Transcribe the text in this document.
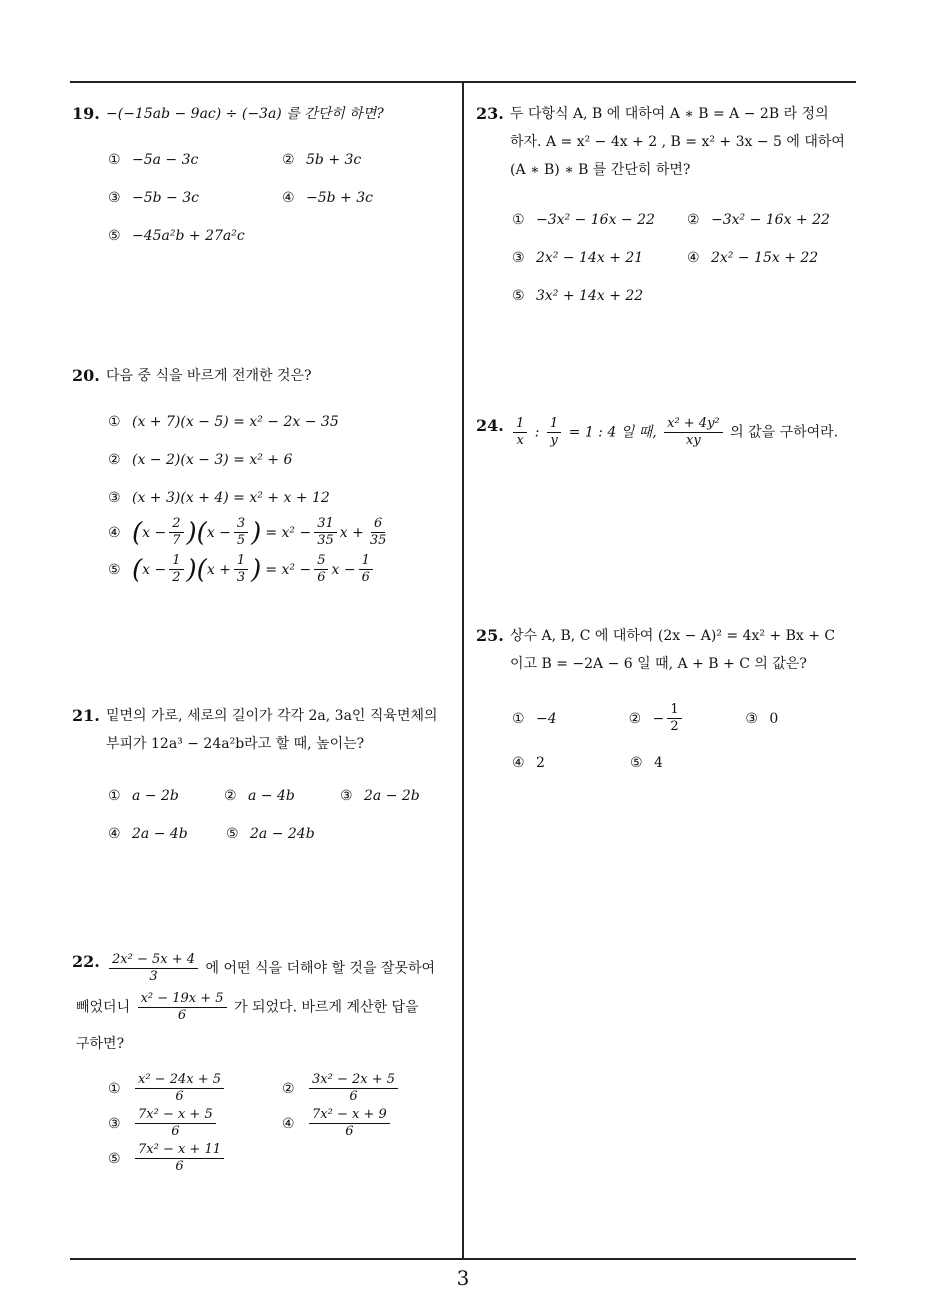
19. −(−15ab − 9ac) ÷ (−3a) 를 간단히 하면?
① −5a − 3c	② 5b + 3c
③ −5b − 3c	④ −5b + 3c
⑤ −45a²b + 27a²c
20. 다음 중 식을 바르게 전개한 것은?
① (x + 7)(x − 5) = x² − 2x − 35
② (x − 2)(x − 3) = x² + 6
③ (x + 3)(x + 4) = x² + x + 12
④ ( $x - \frac{2}{7}$ )( $x - \frac{3}{5}$ ) = $x^2 - \frac{31}{35}$ $x + \frac{6}{35}$
⑤ ( $x - \frac{1}{2}$ )( $x + \frac{1}{3}$ ) = $x^2 - \frac{5}{6}$ $x - \frac{1}{6}$
21. 밑면의 가로, 세로의 길이가 각각 2a, 3a인 직육면체의
부피가 12a³ − 24a²b라고 할 때, 높이는?
① a − 2b	② a − 4b	③ 2a − 2b
④ 2a − 4b	⑤ 2a − 24b
22. $\frac{\text{2x² − 5x + 4}}{3}$ 에 어떤 식을 더해야 할 것을 잘못하여
빼었더니 $\frac{\text{x² − 19x + 5}}{6}$ 가 되었다. 바르게 계산한 답을
구하면?
①	$\frac{\text{x² − 24x + 5}}{6}$	②	$\frac{\text{3x² − 2x + 5}}{6}$
③	$\frac{\text{7x² − x + 5}}{6}$	④	$\frac{\text{7x² − x + 9}}{6}$
⑤	$\frac{\text{7x² − x + 11}}{6}$
23. 두 다항식 A, B 에 대하여 A ∗ B = A − 2B 라 정의
하자. A = x² − 4x + 2 , B = x² + 3x − 5 에 대하여
(A ∗ B) ∗ B 를 간단히 하면?
① −3x² − 16x − 22 ② −3x² − 16x + 22
③ 2x² − 14x + 21	④ 2x² − 15x + 22
⑤ 3x² + 14x + 22
24. $\frac{1}{x}$ : $\frac{1}{y} = 1$ : 4 일 때, $\frac{\text{x² + 4y²}}{xy}$ 의 값을 구하여라.
25. 상수 A, B, C 에 대하여 (2x − A)² = 4x² + Bx + C
이고 B = −2A − 6 일 때, A + B + C 의 값은?
① −4	② − $\frac{1}{2}$	③ 0
④ 2	⑤ 4
3
